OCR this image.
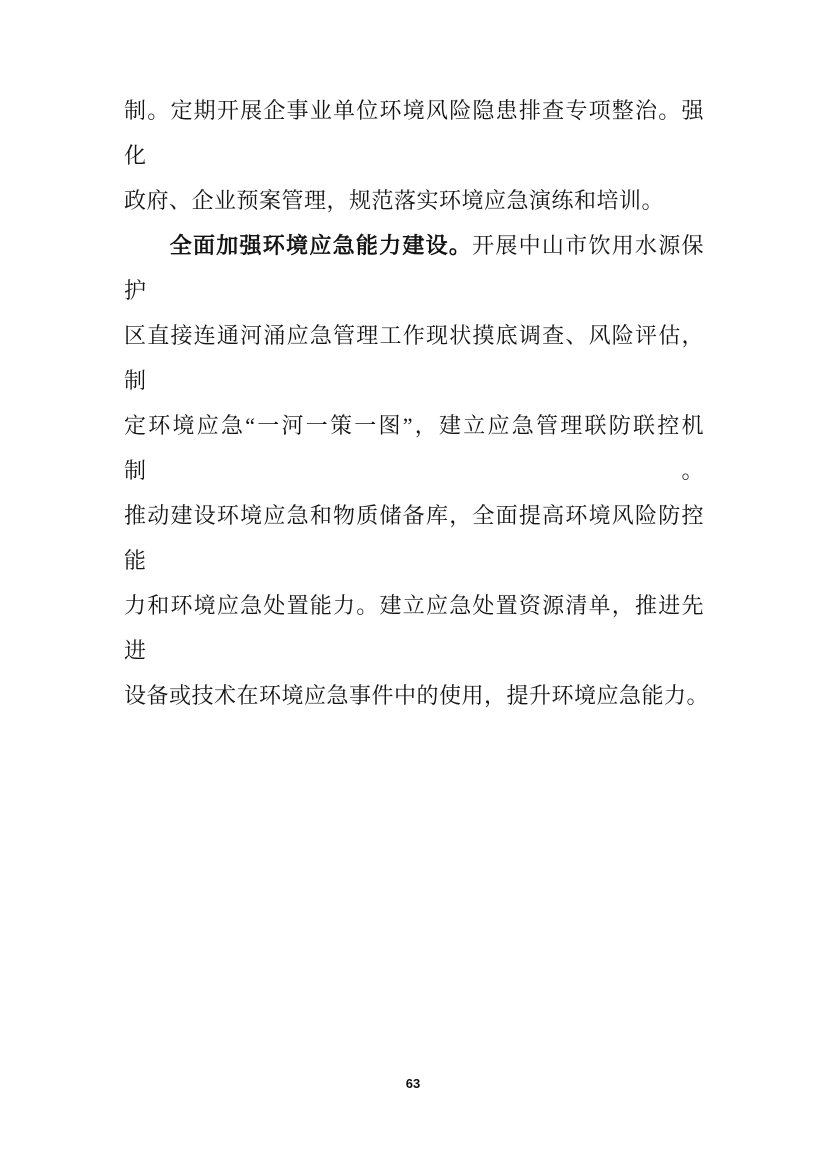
制。定期开展企事业单位环境风险隐患排查专项整治。强化
政府、企业预案管理，规范落实环境应急演练和培训。
全面加强环境应急能力建设。开展中山市饮用水源保护
区直接连通河涌应急管理工作现状摸底调查、风险评估，制
定环境应急“一河一策一图”，建立应急管理联防联控机制。
推动建设环境应急和物质储备库，全面提高环境风险防控能
力和环境应急处置能力。建立应急处置资源清单，推进先进
设备或技术在环境应急事件中的使用，提升环境应急能力。
63
